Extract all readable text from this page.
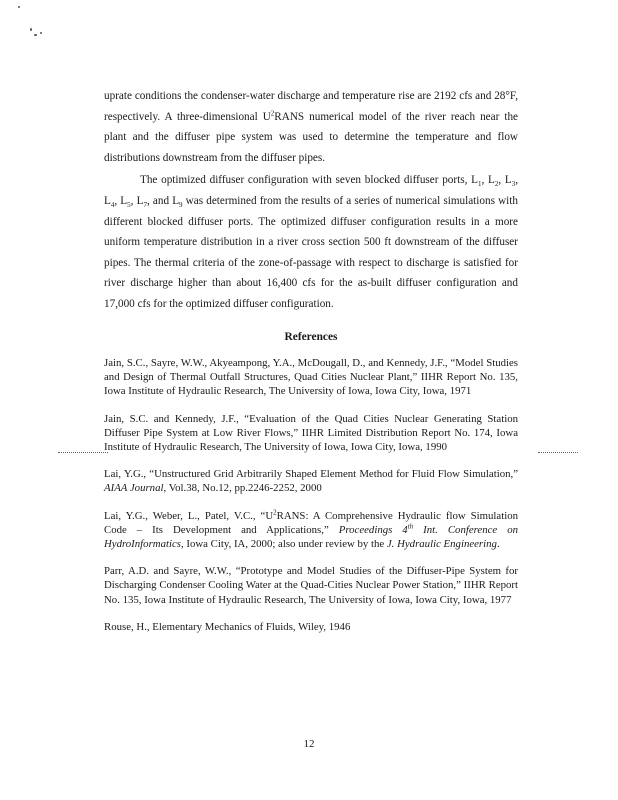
uprate conditions the condenser-water discharge and temperature rise are 2192 cfs and 28°F, respectively. A three-dimensional $U^2RANS$ numerical model of the river reach near the plant and the diffuser pipe system was used to determine the temperature and flow distributions downstream from the diffuser pipes.

The optimized diffuser configuration with seven blocked diffuser ports, $L_1$, $L_2$, $L_3$, $L_4$, $L_5$, $L_7$, and $L_9$ was determined from the results of a series of numerical simulations with different blocked diffuser ports. The optimized diffuser configuration results in a more uniform temperature distribution in a river cross section 500 ft downstream of the diffuser pipes. The thermal criteria of the zone-of-passage with respect to discharge is satisfied for river discharge higher than about 16,400 cfs for the as-built diffuser configuration and 17,000 cfs for the optimized diffuser configuration.

References

Jain, S.C., Sayre, W.W., Akyeampong, Y.A., McDougall, D., and Kennedy, J.F., “Model Studies and Design of Thermal Outfall Structures, Quad Cities Nuclear Plant,” IIHR Report No. 135, Iowa Institute of Hydraulic Research, The University of Iowa, Iowa City, Iowa, 1971

Jain, S.C. and Kennedy, J.F., “Evaluation of the Quad Cities Nuclear Generating Station Diffuser Pipe System at Low River Flows,” IIHR Limited Distribution Report No. 174, Iowa Institute of Hydraulic Research, The University of Iowa, Iowa City, Iowa, 1990

Lai, Y.G., “Unstructured Grid Arbitrarily Shaped Element Method for Fluid Flow Simulation,” AIAA Journal, Vol.38, No.12, pp.2246-2252, 2000

Lai, Y.G., Weber, L., Patel, V.C., “$U^2RANS$: A Comprehensive Hydraulic flow Simulation Code – Its Development and Applications,” Proceedings 4th Int. Conference on HydroInformatics, Iowa City, IA, 2000; also under review by the J. Hydraulic Engineering.

Parr, A.D. and Sayre, W.W., “Prototype and Model Studies of the Diffuser-Pipe System for Discharging Condenser Cooling Water at the Quad-Cities Nuclear Power Station,” IIHR Report No. 135, Iowa Institute of Hydraulic Research, The University of Iowa, Iowa City, Iowa, 1977

Rouse, H., Elementary Mechanics of Fluids, Wiley, 1946

12
